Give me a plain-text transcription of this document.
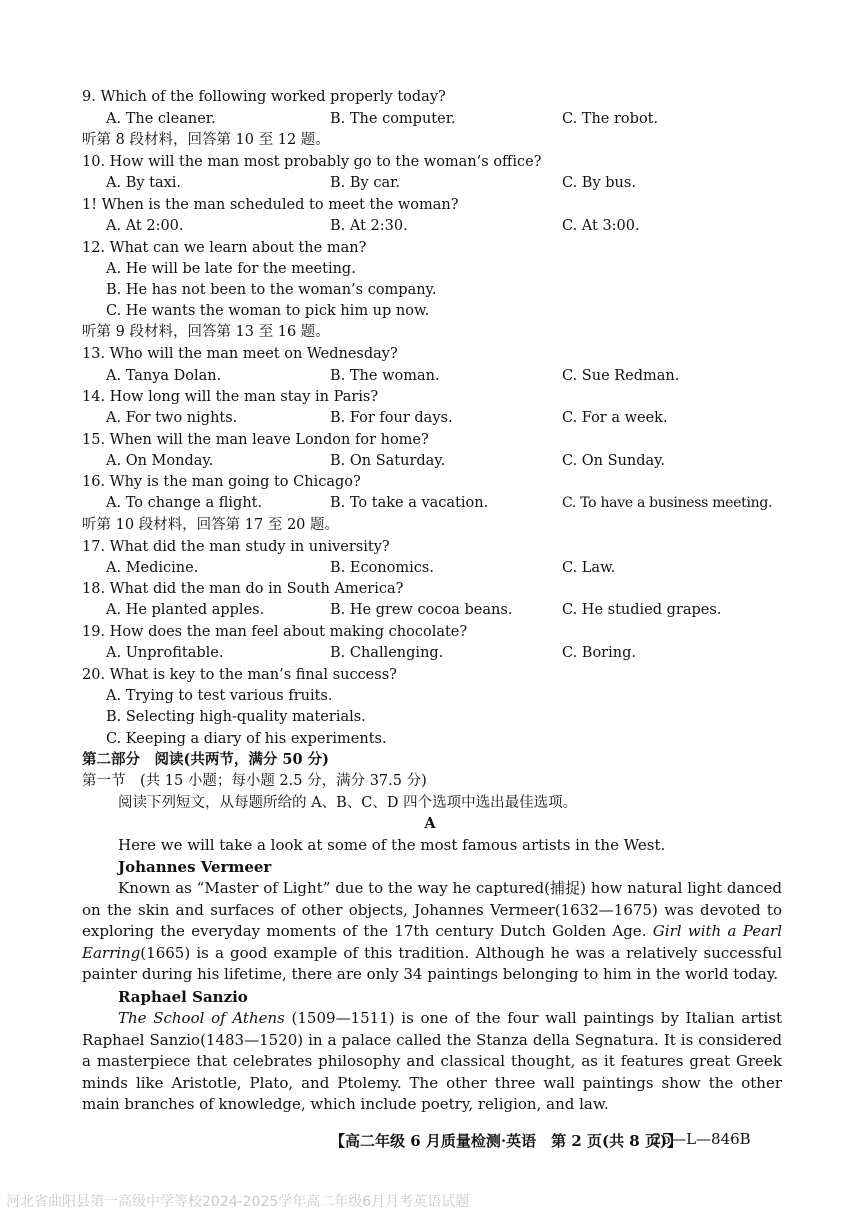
9. Which of the following worked properly today?
A. The cleaner.	B. The computer.	C. The robot.
听第 8 段材料，回答第 10 至 12 题。
10. How will the man most probably go to the woman’s office?
A. By taxi.	B. By car.	C. By bus.
1! When is the man scheduled to meet the woman?
A. At 2:00.	B. At 2:30.	C. At 3:00.
12. What can we learn about the man?
A. He will be late for the meeting.
B. He has not been to the woman’s company.
C. He wants the woman to pick him up now.
听第 9 段材料，回答第 13 至 16 题。
13. Who will the man meet on Wednesday?
A. Tanya Dolan.	B. The woman.	C. Sue Redman.
14. How long will the man stay in Paris?
A. For two nights.	B. For four days.	C. For a week.
15. When will the man leave London for home?
A. On Monday.	B. On Saturday.	C. On Sunday.
16. Why is the man going to Chicago?
A. To change a flight.	B. To take a vacation.	C. To have a business meeting.
听第 10 段材料，回答第 17 至 20 题。
17. What did the man study in university?
A. Medicine.	B. Economics.	C. Law.
18. What did the man do in South America?
A. He planted apples.	B. He grew cocoa beans.	C. He studied grapes.
19. How does the man feel about making chocolate?
A. Unprofitable.	B. Challenging.	C. Boring.
20. What is key to the man’s final success?
A. Trying to test various fruits.
B. Selecting high-quality materials.
C. Keeping a diary of his experiments.
第二部分　阅读(共两节，满分 50 分)
第一节　(共 15 小题；每小题 2.5 分，满分 37.5 分)
阅读下列短文，从每题所给的 A、B、C、D 四个选项中选出最佳选项。
A
Here we will take a look at some of the most famous artists in the West.
Johannes Vermeer
Known as “Master of Light” due to the way he captured(捕捉) how natural light danced on the skin and surfaces of other objects, Johannes Vermeer(1632—1675) was devoted to exploring the everyday moments of the 17th century Dutch Golden Age. Girl with a Pearl Earring(1665) is a good example of this tradition. Although he was a relatively successful painter during his lifetime, there are only 34 paintings belonging to him in the world today.
Raphael Sanzio
The School of Athens (1509—1511) is one of the four wall paintings by Italian artist Raphael Sanzio(1483—1520) in a palace called the Stanza della Segnatura. It is considered a masterpiece that celebrates philosophy and classical thought, as it features great Greek minds like Aristotle, Plato, and Ptolemy. The other three wall paintings show the other main branches of knowledge, which include poetry, religion, and law.
【高二年级 6 月质量检测·英语　第 2 页(共 8 页)】
25—L—846B
河北省曲阳县第一高级中学等校2024-2025学年高二年级6月月考英语试题
